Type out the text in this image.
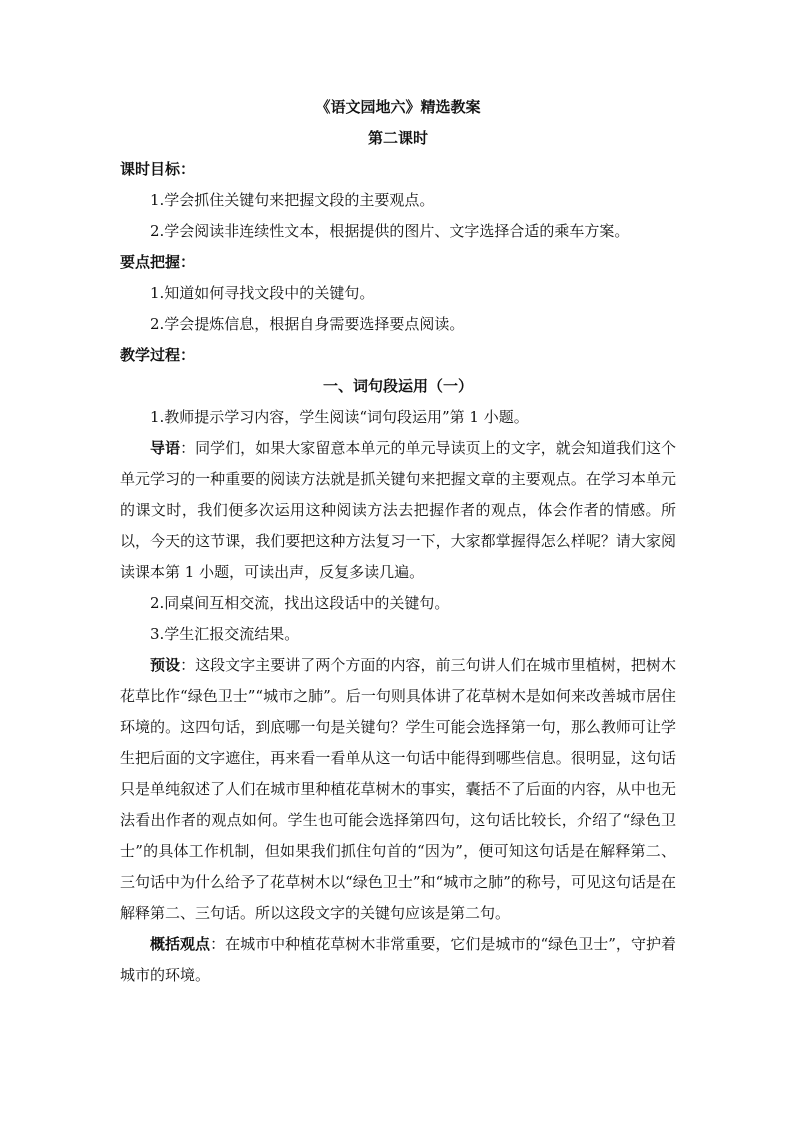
《语文园地六》精选教案
第二课时
课时目标：
1.学会抓住关键句来把握文段的主要观点。
2.学会阅读非连续性文本，根据提供的图片、文字选择合适的乘车方案。
要点把握：
1.知道如何寻找文段中的关键句。
2.学会提炼信息，根据自身需要选择要点阅读。
教学过程：
一、词句段运用（一）
1.教师提示学习内容，学生阅读“词句段运用”第 1 小题。
导语：同学们，如果大家留意本单元的单元导读页上的文字，就会知道我们这个单元学习的一种重要的阅读方法就是抓关键句来把握文章的主要观点。在学习本单元的课文时，我们便多次运用这种阅读方法去把握作者的观点，体会作者的情感。所以，今天的这节课，我们要把这种方法复习一下，大家都掌握得怎么样呢？请大家阅读课本第 1 小题，可读出声，反复多读几遍。
2.同桌间互相交流，找出这段话中的关键句。
3.学生汇报交流结果。
预设：这段文字主要讲了两个方面的内容，前三句讲人们在城市里植树，把树木花草比作“绿色卫士”“城市之肺”。后一句则具体讲了花草树木是如何来改善城市居住环境的。这四句话，到底哪一句是关键句？学生可能会选择第一句，那么教师可让学生把后面的文字遮住，再来看一看单从这一句话中能得到哪些信息。很明显，这句话只是单纯叙述了人们在城市里种植花草树木的事实，囊括不了后面的内容，从中也无法看出作者的观点如何。学生也可能会选择第四句，这句话比较长，介绍了“绿色卫士”的具体工作机制，但如果我们抓住句首的“因为”，便可知这句话是在解释第二、三句话中为什么给予了花草树木以“绿色卫士”和“城市之肺”的称号，可见这句话是在解释第二、三句话。所以这段文字的关键句应该是第二句。
概括观点：在城市中种植花草树木非常重要，它们是城市的“绿色卫士”，守护着城市的环境。
